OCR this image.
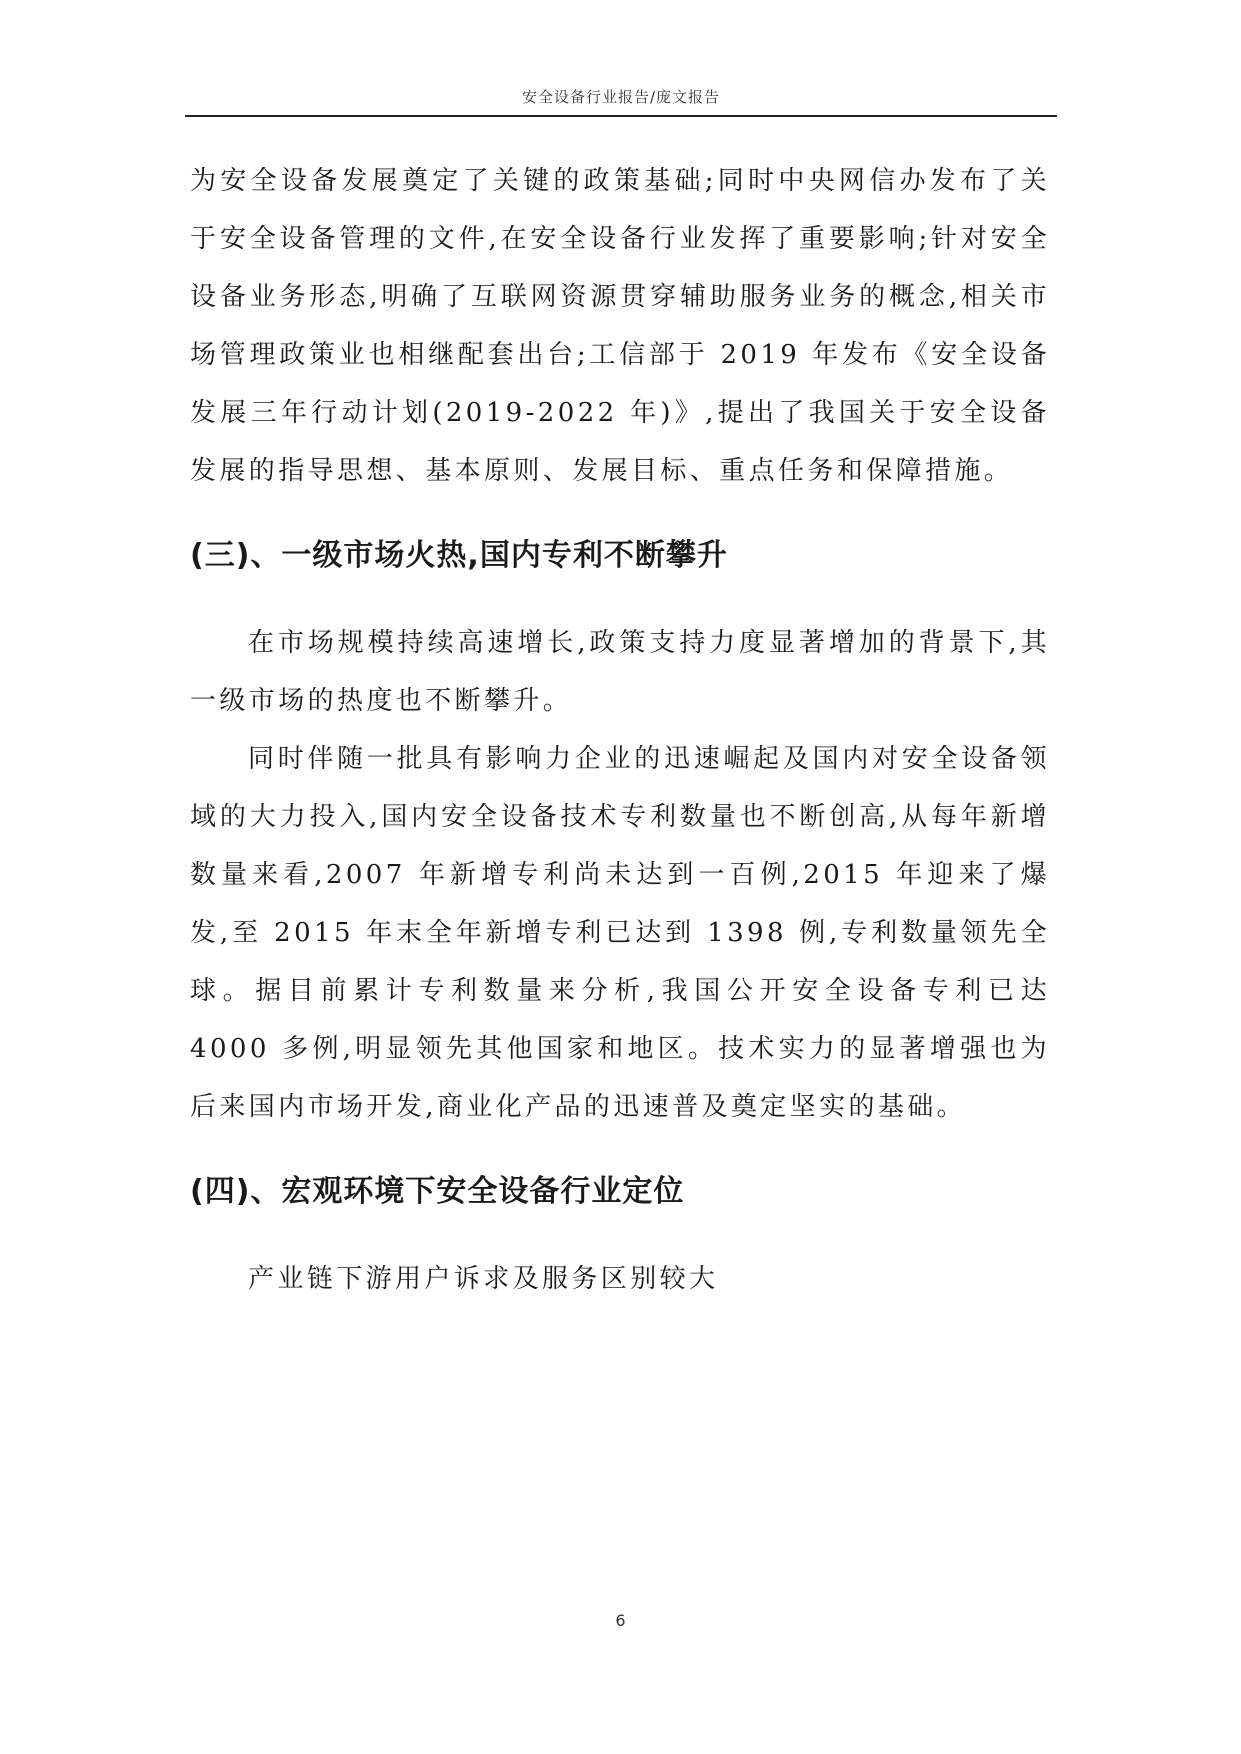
安全设备行业报告/庞文报告

为安全设备发展奠定了关键的政策基础;同时中央网信办发布了关于安全设备管理的文件,在安全设备行业发挥了重要影响;针对安全设备业务形态,明确了互联网资源贯穿辅助服务业务的概念,相关市场管理政策业也相继配套出台;工信部于 2019 年发布《安全设备发展三年行动计划(2019-2022 年)》,提出了我国关于安全设备发展的指导思想、基本原则、发展目标、重点任务和保障措施。

(三)、一级市场火热,国内专利不断攀升

在市场规模持续高速增长,政策支持力度显著增加的背景下,其一级市场的热度也不断攀升。

同时伴随一批具有影响力企业的迅速崛起及国内对安全设备领域的大力投入,国内安全设备技术专利数量也不断创高,从每年新增数量来看,2007 年新增专利尚未达到一百例,2015 年迎来了爆发,至 2015 年末全年新增专利已达到 1398 例,专利数量领先全球。据目前累计专利数量来分析,我国公开安全设备专利已达 4000 多例,明显领先其他国家和地区。技术实力的显著增强也为后来国内市场开发,商业化产品的迅速普及奠定坚实的基础。

(四)、宏观环境下安全设备行业定位

产业链下游用户诉求及服务区别较大

6
